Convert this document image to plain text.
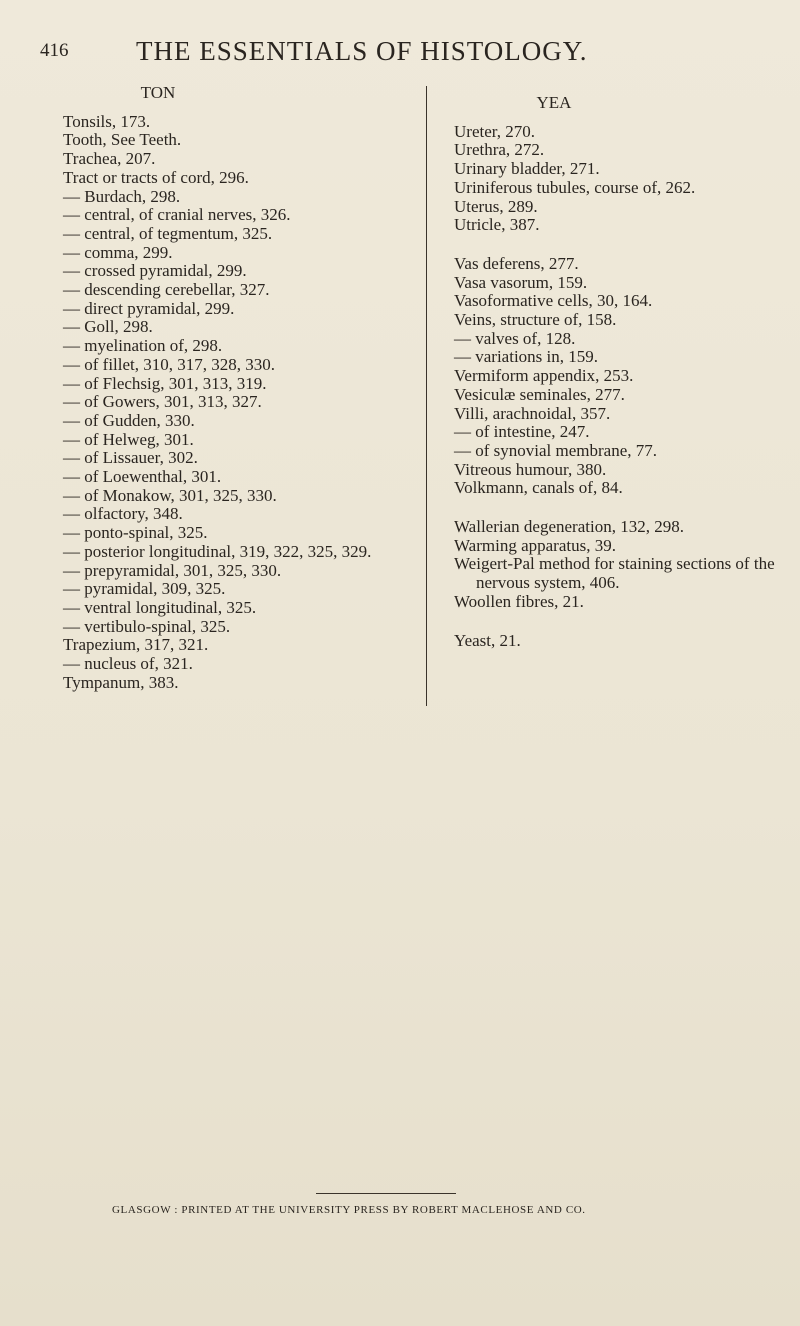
416	THE ESSENTIALS OF HISTOLOGY.
TON
Tonsils, 173.
Tooth, See Teeth.
Trachea, 207.
Tract or tracts of cord, 296.
— Burdach, 298.
— central, of cranial nerves, 326.
— central, of tegmentum, 325.
— comma, 299.
— crossed pyramidal, 299.
— descending cerebellar, 327.
— direct pyramidal, 299.
— Goll, 298.
— myelination of, 298.
— of fillet, 310, 317, 328, 330.
— of Flechsig, 301, 313, 319.
— of Gowers, 301, 313, 327.
— of Gudden, 330.
— of Helweg, 301.
— of Lissauer, 302.
— of Loewenthal, 301.
— of Monakow, 301, 325, 330.
— olfactory, 348.
— ponto-spinal, 325.
— posterior longitudinal, 319, 322, 325, 329.
— prepyramidal, 301, 325, 330.
— pyramidal, 309, 325.
— ventral longitudinal, 325.
— vertibulo-spinal, 325.
Trapezium, 317, 321.
— nucleus of, 321.
Tympanum, 383.
YEA
Ureter, 270.
Urethra, 272.
Urinary bladder, 271.
Uriniferous tubules, course of, 262.
Uterus, 289.
Utricle, 387.
Vas deferens, 277.
Vasa vasorum, 159.
Vasoformative cells, 30, 164.
Veins, structure of, 158.
— valves of, 128.
— variations in, 159.
Vermiform appendix, 253.
Vesiculæ seminales, 277.
Villi, arachnoidal, 357.
— of intestine, 247.
— of synovial membrane, 77.
Vitreous humour, 380.
Volkmann, canals of, 84.
Wallerian degeneration, 132, 298.
Warming apparatus, 39.
Weigert-Pal method for staining sections of the nervous system, 406.
Woollen fibres, 21.
Yeast, 21.
GLASGOW : PRINTED AT THE UNIVERSITY PRESS BY ROBERT MACLEHOSE AND CO.
